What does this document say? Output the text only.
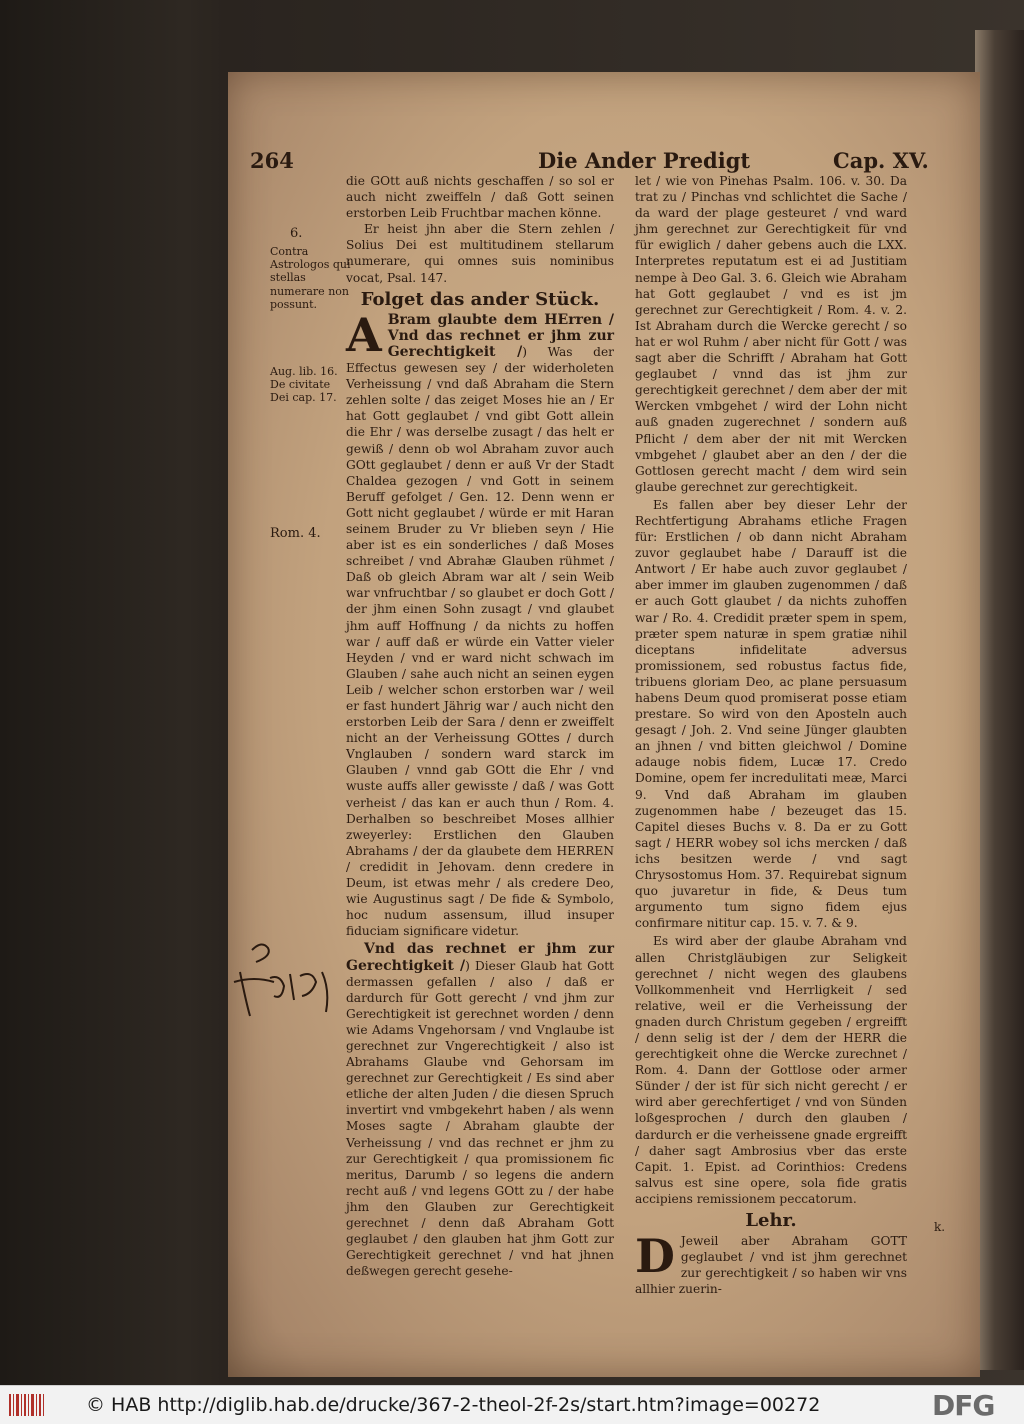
264	Die Ander Predigt	Cap. XV.
6.
Contra Astrologos qui stellas numerare non possunt.
Aug. lib. 16. De civitate Dei cap. 17.
Rom. 4.

die GOtt auß nichts geschaffen / so sol er auch nicht zweiffeln / daß Gott seinen erstorben Leib Fruchtbar machen könne.

Er heist jhn aber die Stern zehlen / Solius Dei est multitudinem stellarum numerare, qui omnes suis nominibus vocat, Psal. 147.

Folget das ander Stück.

A Bram glaubte dem HErren / Vnd das rechnet er jhm zur Gerechtigkeit /) Was der Effectus gewesen sey / der widerholeten Verheissung / vnd daß Abraham die Stern zehlen solte / das zeiget Moses hie an / Er hat Gott geglaubet / vnd gibt Gott allein die Ehr / was derselbe zusagt / das helt er gewiß / denn ob wol Abraham zuvor auch GOtt geglaubet / denn er auß Vr der Stadt Chaldea gezogen / vnd Gott in seinem Beruff gefolget / Gen. 12. Denn wenn er Gott nicht geglaubet / würde er mit Haran seinem Bruder zu Vr blieben seyn / Hie aber ist es ein sonderliches / daß Moses schreibet / vnd Abrahæ Glauben rühmet / Daß ob gleich Abram war alt / sein Weib war vnfruchtbar / so glaubet er doch Gott / der jhm einen Sohn zusagt / vnd glaubet jhm auff Hoffnung / da nichts zu hoffen war / auff daß er würde ein Vatter vieler Heyden / vnd er ward nicht schwach im Glauben / sahe auch nicht an seinen eygen Leib / welcher schon erstorben war / weil er fast hundert Jährig war / auch nicht den erstorben Leib der Sara / denn er zweiffelt nicht an der Verheissung GOttes / durch Vnglauben / sondern ward starck im Glauben / vnnd gab GOtt die Ehr / vnd wuste auffs aller gewisste / daß / was Gott verheist / das kan er auch thun / Rom. 4. Derhalben so beschreibet Moses allhier zweyerley: Erstlichen den Glauben Abrahams / der da glaubete dem HERREN / credidit in Jehovam. denn credere in Deum, ist etwas mehr / als credere Deo, wie Augustinus sagt / De fide & Symbolo, hoc nudum assensum, illud insuper fiduciam significare videtur.

Vnd das rechnet er jhm zur Gerechtigkeit /) Dieser Glaub hat Gott dermassen gefallen / also / daß er dardurch für Gott gerecht / vnd jhm zur Gerechtigkeit ist gerechnet worden / denn wie Adams Vngehorsam / vnd Vnglaube ist gerechnet zur Vngerechtigkeit / also ist Abrahams Glaube vnd Gehorsam im gerechnet zur Gerechtigkeit / Es sind aber etliche der alten Juden / die diesen Spruch invertirt vnd vmbgekehrt haben / als wenn Moses sagte / Abraham glaubte der Verheissung / vnd das rechnet er jhm zu zur Gerechtigkeit / qua promissionem fic meritus, Darumb / so legens die andern recht auß / vnd legens GOtt zu / der habe jhm den Glauben zur Gerechtigkeit gerechnet / denn daß Abraham Gott geglaubet / den glauben hat jhm Gott zur Gerechtigkeit gerechnet / vnd hat jhnen deßwegen gerecht gesehe-

let / wie von Pinehas Psalm. 106. v. 30. Da trat zu / Pinchas vnd schlichtet die Sache / da ward der plage gesteuret / vnd ward jhm gerechnet zur Gerechtigkeit für vnd für ewiglich / daher gebens auch die LXX. Interpretes reputatum est ei ad Justitiam nempe à Deo Gal. 3. 6. Gleich wie Abraham hat Gott geglaubet / vnd es ist jm gerechnet zur Gerechtigkeit / Rom. 4. v. 2. Ist Abraham durch die Wercke gerecht / so hat er wol Ruhm / aber nicht für Gott / was sagt aber die Schrifft / Abraham hat Gott geglaubet / vnnd das ist jhm zur gerechtigkeit gerechnet / dem aber der mit Wercken vmbgehet / wird der Lohn nicht auß gnaden zugerechnet / sondern auß Pflicht / dem aber der nit mit Wercken vmbgehet / glaubet aber an den / der die Gottlosen gerecht macht / dem wird sein glaube gerechnet zur gerechtigkeit.

Es fallen aber bey dieser Lehr der Rechtfertigung Abrahams etliche Fragen für: Erstlichen / ob dann nicht Abraham zuvor geglaubet habe / Darauff ist die Antwort / Er habe auch zuvor geglaubet / aber immer im glauben zugenommen / daß er auch Gott glaubet / da nichts zuhoffen war / Ro. 4. Credidit præter spem in spem, præter spem naturæ in spem gratiæ nihil diceptans infidelitate adversus promissionem, sed robustus factus fide, tribuens gloriam Deo, ac plane persuasum habens Deum quod promiserat posse etiam prestare. So wird von den Aposteln auch gesagt / Joh. 2. Vnd seine Jünger glaubten an jhnen / vnd bitten gleichwol / Domine adauge nobis fidem, Lucæ 17. Credo Domine, opem fer incredulitati meæ, Marci 9. Vnd daß Abraham im glauben zugenommen habe / bezeuget das 15. Capitel dieses Buchs v. 8. Da er zu Gott sagt / HERR wobey sol ichs mercken / daß ichs besitzen werde / vnd sagt Chrysostomus Hom. 37. Requirebat signum quo juvaretur in fide, & Deus tum argumento tum signo fidem ejus confirmare nititur cap. 15. v. 7. & 9.

Es wird aber der glaube Abraham vnd allen Christgläubigen zur Seligkeit gerechnet / nicht wegen des glaubens Vollkommenheit vnd Herrligkeit / sed relative, weil er die Verheissung der gnaden durch Christum gegeben / ergreifft / denn selig ist der / dem der HERR die gerechtigkeit ohne die Wercke zurechnet / Rom. 4. Dann der Gottlose oder armer Sünder / der ist für sich nicht gerecht / er wird aber gerechfertiget / vnd von Sünden loßgesprochen / durch den glauben / dardurch er die verheissene gnade ergreifft / daher sagt Ambrosius vber das erste Capit. 1. Epist. ad Corinthios: Credens salvus est sine opere, sola fide gratis accipiens remissionem peccatorum.

Lehr.

D Jeweil aber Abraham GOTT geglaubet / vnd ist jhm gerechnet zur gerechtigkeit / so haben wir vns allhier zuerin-

k.
© HAB http://diglib.hab.de/drucke/367-2-theol-2f-2s/start.htm?image=00272	DFG
